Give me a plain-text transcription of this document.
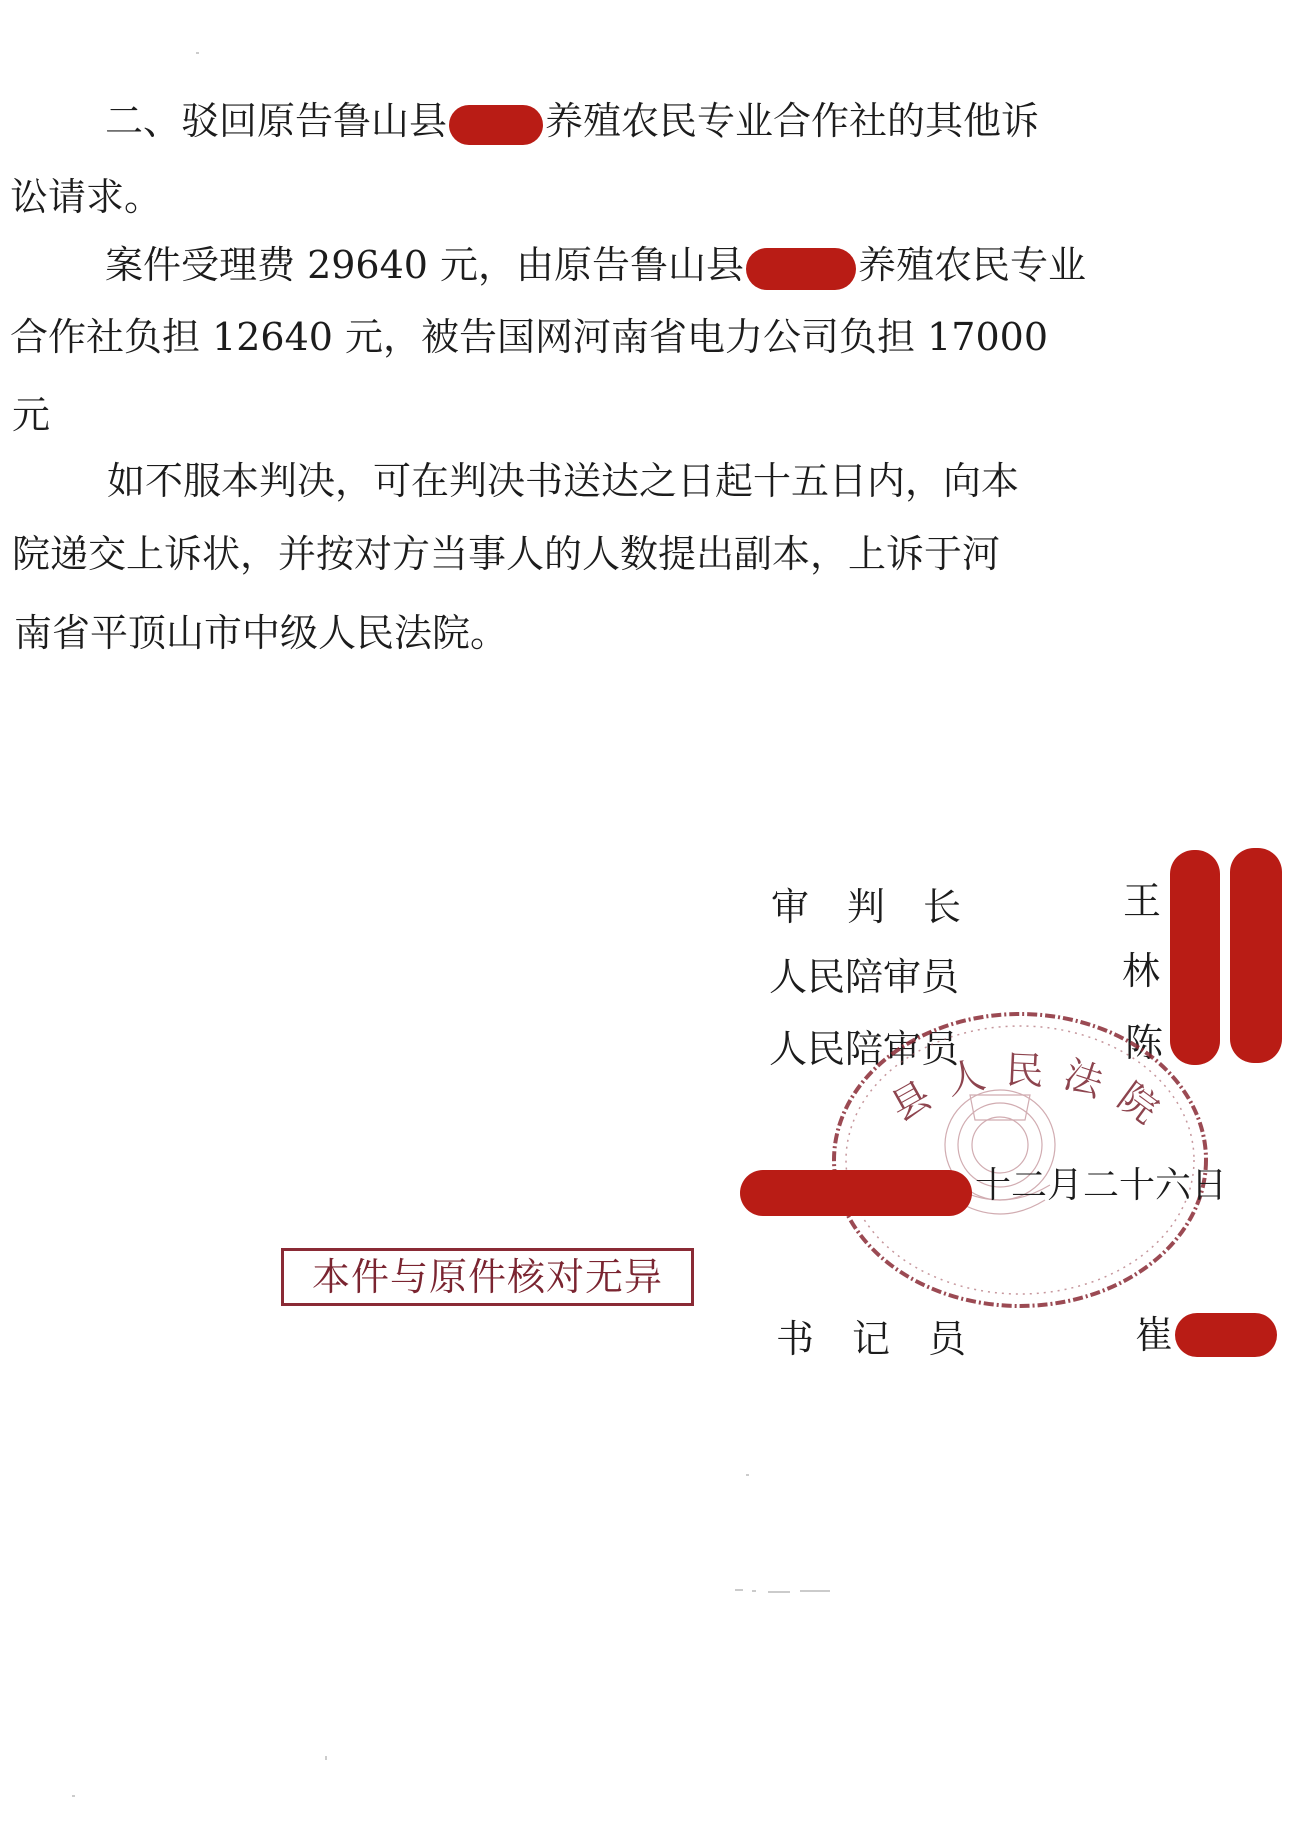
二、驳回原告鲁山县	养殖农民专业合作社的其他诉
讼请求。
案件受理费 29640 元，由原告鲁山县	养殖农民专业
合作社负担 12640 元，被告国网河南省电力公司负担 17000
元
如不服本判决，可在判决书送达之日起十五日内，向本
院递交上诉状，并按对方当事人的人数提出副本，上诉于河
南省平顶山市中级人民法院。
审　判　长	王
人民陪审员	林
人民陪审员	陈
县人民法院
十二月二十六日
本件与原件核对无异
书　记　员	崔
